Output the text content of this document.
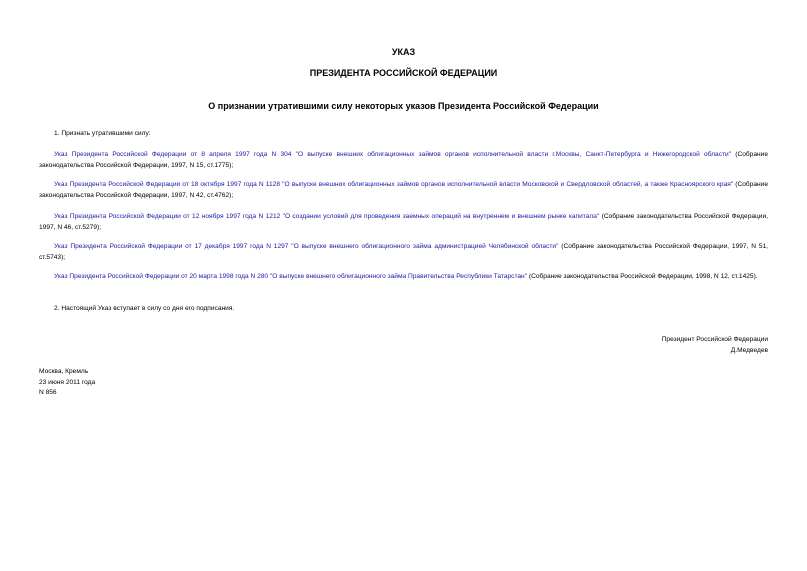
УКАЗ
ПРЕЗИДЕНТА РОССИЙСКОЙ ФЕДЕРАЦИИ
О признании утратившими силу некоторых указов Президента Российской Федерации
1. Признать утратившими силу:
Указ Президента Российской Федерации от 8 апреля 1997 года N 304 "О выпуске внешних облигационных займов органов исполнительной власти г.Москвы, Санкт-Петербурга и Нижегородской области" (Собрание законодательства Российской Федерации, 1997, N 15, ст.1775);
Указ Президента Российской Федерации от 18 октября 1997 года N 1128 "О выпуске внешних облигационных займов органов исполнительной власти Московской и Свердловской областей, а также Красноярского края" (Собрание законодательства Российской Федерации, 1997, N 42, ст.4762);
Указ Президента Российской Федерации от 12 ноября 1997 года N 1212 "О создании условий для проведения заемных операций на внутреннем и внешнем рынке капитала" (Собрание законодательства Российской Федерации, 1997, N 46, ст.5279);
Указ Президента Российской Федерации от 17 декабря 1997 года N 1297 "О выпуске внешнего облигационного займа администрацией Челябинской области" (Собрание законодательства Российской Федерации, 1997, N 51, ст.5743);
Указ Президента Российской Федерации от 20 марта 1998 года N 280 "О выпуске внешнего облигационного займа Правительства Республики Татарстан" (Собрание законодательства Российской Федерации, 1998, N 12, ст.1425).
2. Настоящий Указ вступает в силу со дня его подписания.
Президент Российской Федерации
Д.Медведев
Москва, Кремль
23 июня 2011 года
N 856
